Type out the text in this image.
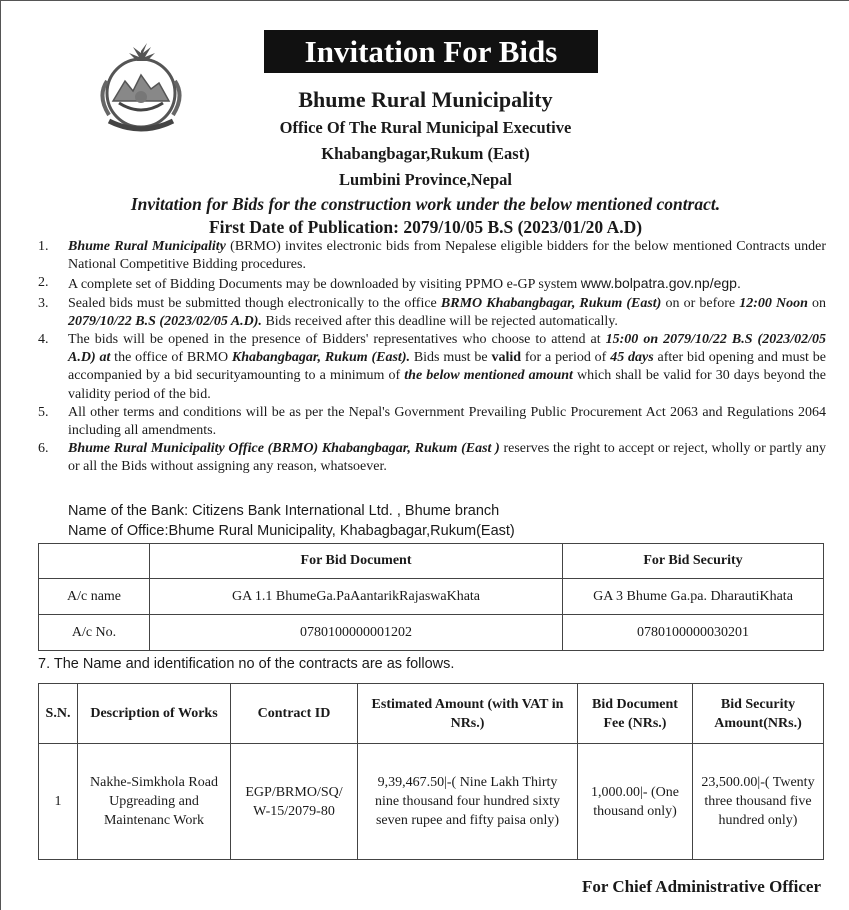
Invitation For Bids
Bhume Rural Municipality
Office Of The Rural Municipal Executive
Khabangbagar,Rukum (East)
Lumbini Province,Nepal
Invitation for Bids for the construction work under the below mentioned contract.
First Date of Publication: 2079/10/05 B.S (2023/01/20 A.D)
1. Bhume Rural Municipality (BRMO) invites electronic bids from Nepalese eligible bidders for the below mentioned Contracts under National Competitive Bidding procedures.
2. A complete set of Bidding Documents may be downloaded by visiting PPMO e-GP system www.bolpatra.gov.np/egp.
3. Sealed bids must be submitted though electronically to the office BRMO Khabangbagar, Rukum (East) on or before 12:00 Noon on 2079/10/22 B.S (2023/02/05 A.D). Bids received after this deadline will be rejected automatically.
4. The bids will be opened in the presence of Bidders' representatives who choose to attend at 15:00 on 2079/10/22 B.S (2023/02/05 A.D) at the office of BRMO Khabangbagar, Rukum (East). Bids must be valid for a period of 45 days after bid opening and must be accompanied by a bid securityamounting to a minimum of the below mentioned amount which shall be valid for 30 days beyond the validity period of the bid.
5. All other terms and conditions will be as per the Nepal's Government Prevailing Public Procurement Act 2063 and Regulations 2064 including all amendments.
6. Bhume Rural Municipality Office (BRMO) Khabangbagar, Rukum (East ) reserves the right to accept or reject, wholly or partly any or all the Bids without assigning any reason, whatsoever.
Name of the Bank: Citizens Bank International Ltd. , Bhume branch
Name of Office:Bhume Rural Municipality, Khabagbagar,Rukum(East)
	For Bid Document	For Bid Security
A/c name	GA 1.1 BhumeGa.PaAantarikRajaswaKhata	GA 3 Bhume Ga.pa. DharautiKhata
A/c No.	0780100000001202	0780100000030201
7. The Name and identification no of the contracts are as follows.
S.N.	Description of Works	Contract ID	Estimated Amount (with VAT in NRs.)	Bid Document Fee (NRs.)	Bid Security Amount(NRs.)
1	Nakhe-Simkhola Road Upgreading and Maintenanc Work	EGP/BRMO/SQ/ W-15/2079-80	9,39,467.50|-( Nine Lakh Thirty nine thousand four hundred sixty seven rupee and fifty paisa only)	1,000.00|- (One thousand only)	23,500.00|-( Twenty three thousand five hundred only)
For Chief Administrative Officer
